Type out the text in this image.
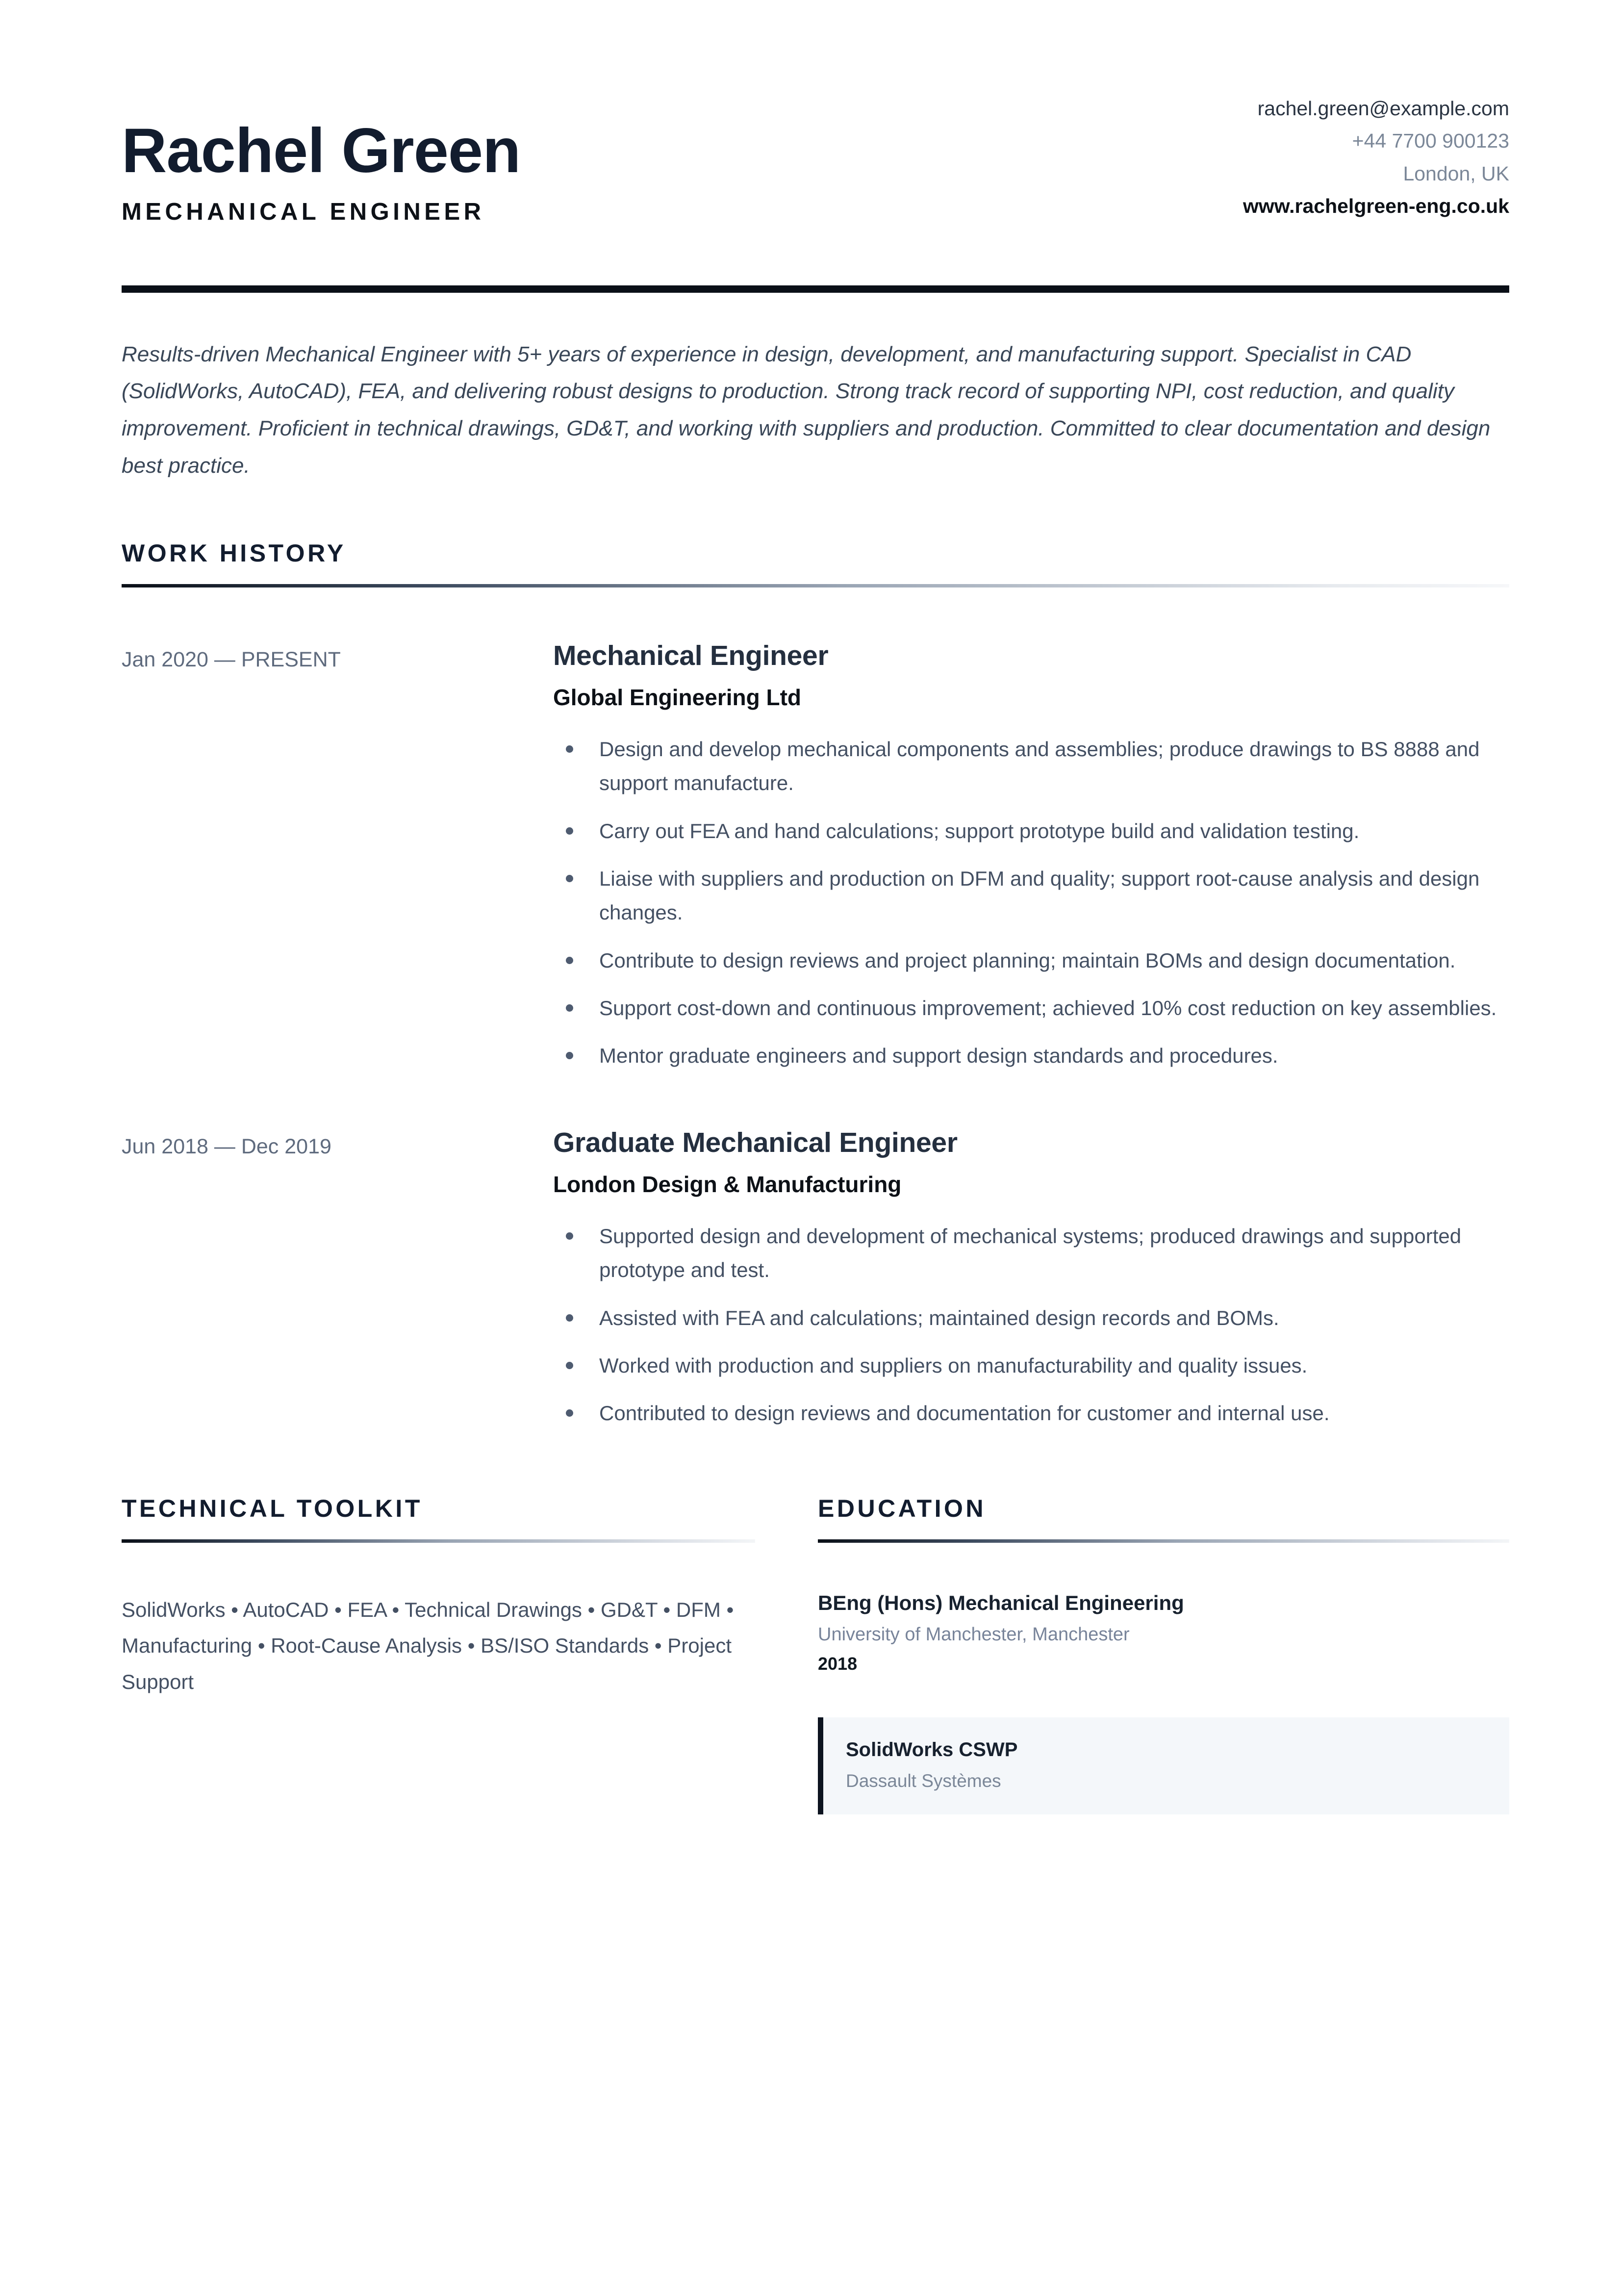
Rachel Green
MECHANICAL ENGINEER
rachel.green@example.com
+44 7700 900123
London, UK
www.rachelgreen-eng.co.uk
Results-driven Mechanical Engineer with 5+ years of experience in design, development, and manufacturing support. Specialist in CAD (SolidWorks, AutoCAD), FEA, and delivering robust designs to production. Strong track record of supporting NPI, cost reduction, and quality improvement. Proficient in technical drawings, GD&T, and working with suppliers and production. Committed to clear documentation and design best practice.
WORK HISTORY
Jan 2020 — PRESENT	Mechanical Engineer
Global Engineering Ltd
Design and develop mechanical components and assemblies; produce drawings to BS 8888 and support manufacture.
Carry out FEA and hand calculations; support prototype build and validation testing.
Liaise with suppliers and production on DFM and quality; support root-cause analysis and design changes.
Contribute to design reviews and project planning; maintain BOMs and design documentation.
Support cost-down and continuous improvement; achieved 10% cost reduction on key assemblies.
Mentor graduate engineers and support design standards and procedures.
Jun 2018 — Dec 2019	Graduate Mechanical Engineer
London Design & Manufacturing
Supported design and development of mechanical systems; produced drawings and supported prototype and test.
Assisted with FEA and calculations; maintained design records and BOMs.
Worked with production and suppliers on manufacturability and quality issues.
Contributed to design reviews and documentation for customer and internal use.
TECHNICAL TOOLKIT
SolidWorks • AutoCAD • FEA • Technical Drawings • GD&T • DFM • Manufacturing • Root-Cause Analysis • BS/ISO Standards • Project Support
EDUCATION
BEng (Hons) Mechanical Engineering
University of Manchester, Manchester
2018
SolidWorks CSWP
Dassault Systèmes
